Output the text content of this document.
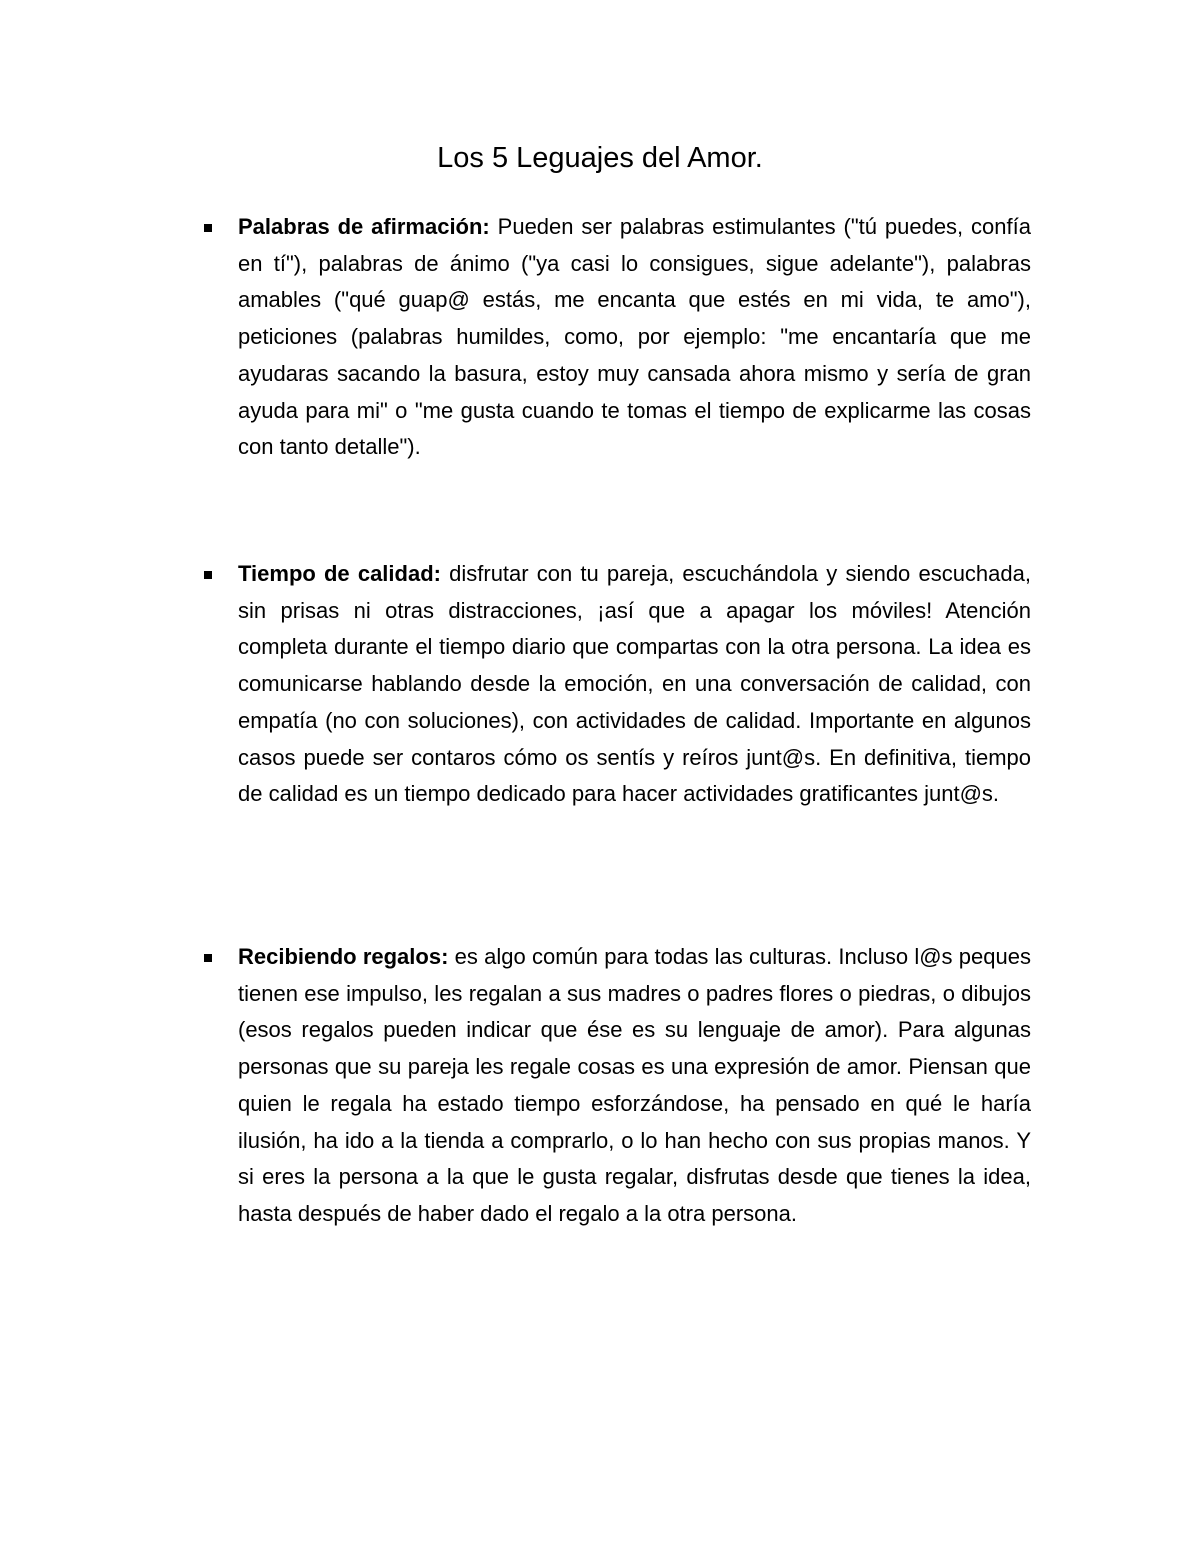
Los 5 Leguajes del Amor.

Palabras de afirmación: Pueden ser palabras estimulantes ("tú puedes, confía en tí"), palabras de ánimo ("ya casi lo consigues, sigue adelante"), palabras amables ("qué guap@ estás, me encanta que estés en mi vida, te amo"), peticiones (palabras humildes, como, por ejemplo: "me encantaría que me ayudaras sacando la basura, estoy muy cansada ahora mismo y sería de gran ayuda para mi" o "me gusta cuando te tomas el tiempo de explicarme las cosas con tanto detalle").

Tiempo de calidad: disfrutar con tu pareja, escuchándola y siendo escuchada, sin prisas ni otras distracciones, ¡así que a apagar los móviles! Atención completa durante el tiempo diario que compartas con la otra persona. La idea es comunicarse hablando desde la emoción, en una conversación de calidad, con empatía (no con soluciones), con actividades de calidad. Importante en algunos casos puede ser contaros cómo os sentís y reíros junt@s. En definitiva, tiempo de calidad es un tiempo dedicado para hacer actividades gratificantes junt@s.

Recibiendo regalos: es algo común para todas las culturas. Incluso l@s peques tienen ese impulso, les regalan a sus madres o padres flores o piedras, o dibujos (esos regalos pueden indicar que ése es su lenguaje de amor). Para algunas personas que su pareja les regale cosas es una expresión de amor. Piensan que quien le regala ha estado tiempo esforzándose, ha pensado en qué le haría ilusión, ha ido a la tienda a comprarlo, o lo han hecho con sus propias manos. Y si eres la persona a la que le gusta regalar, disfrutas desde que tienes la idea, hasta después de haber dado el regalo a la otra persona.
